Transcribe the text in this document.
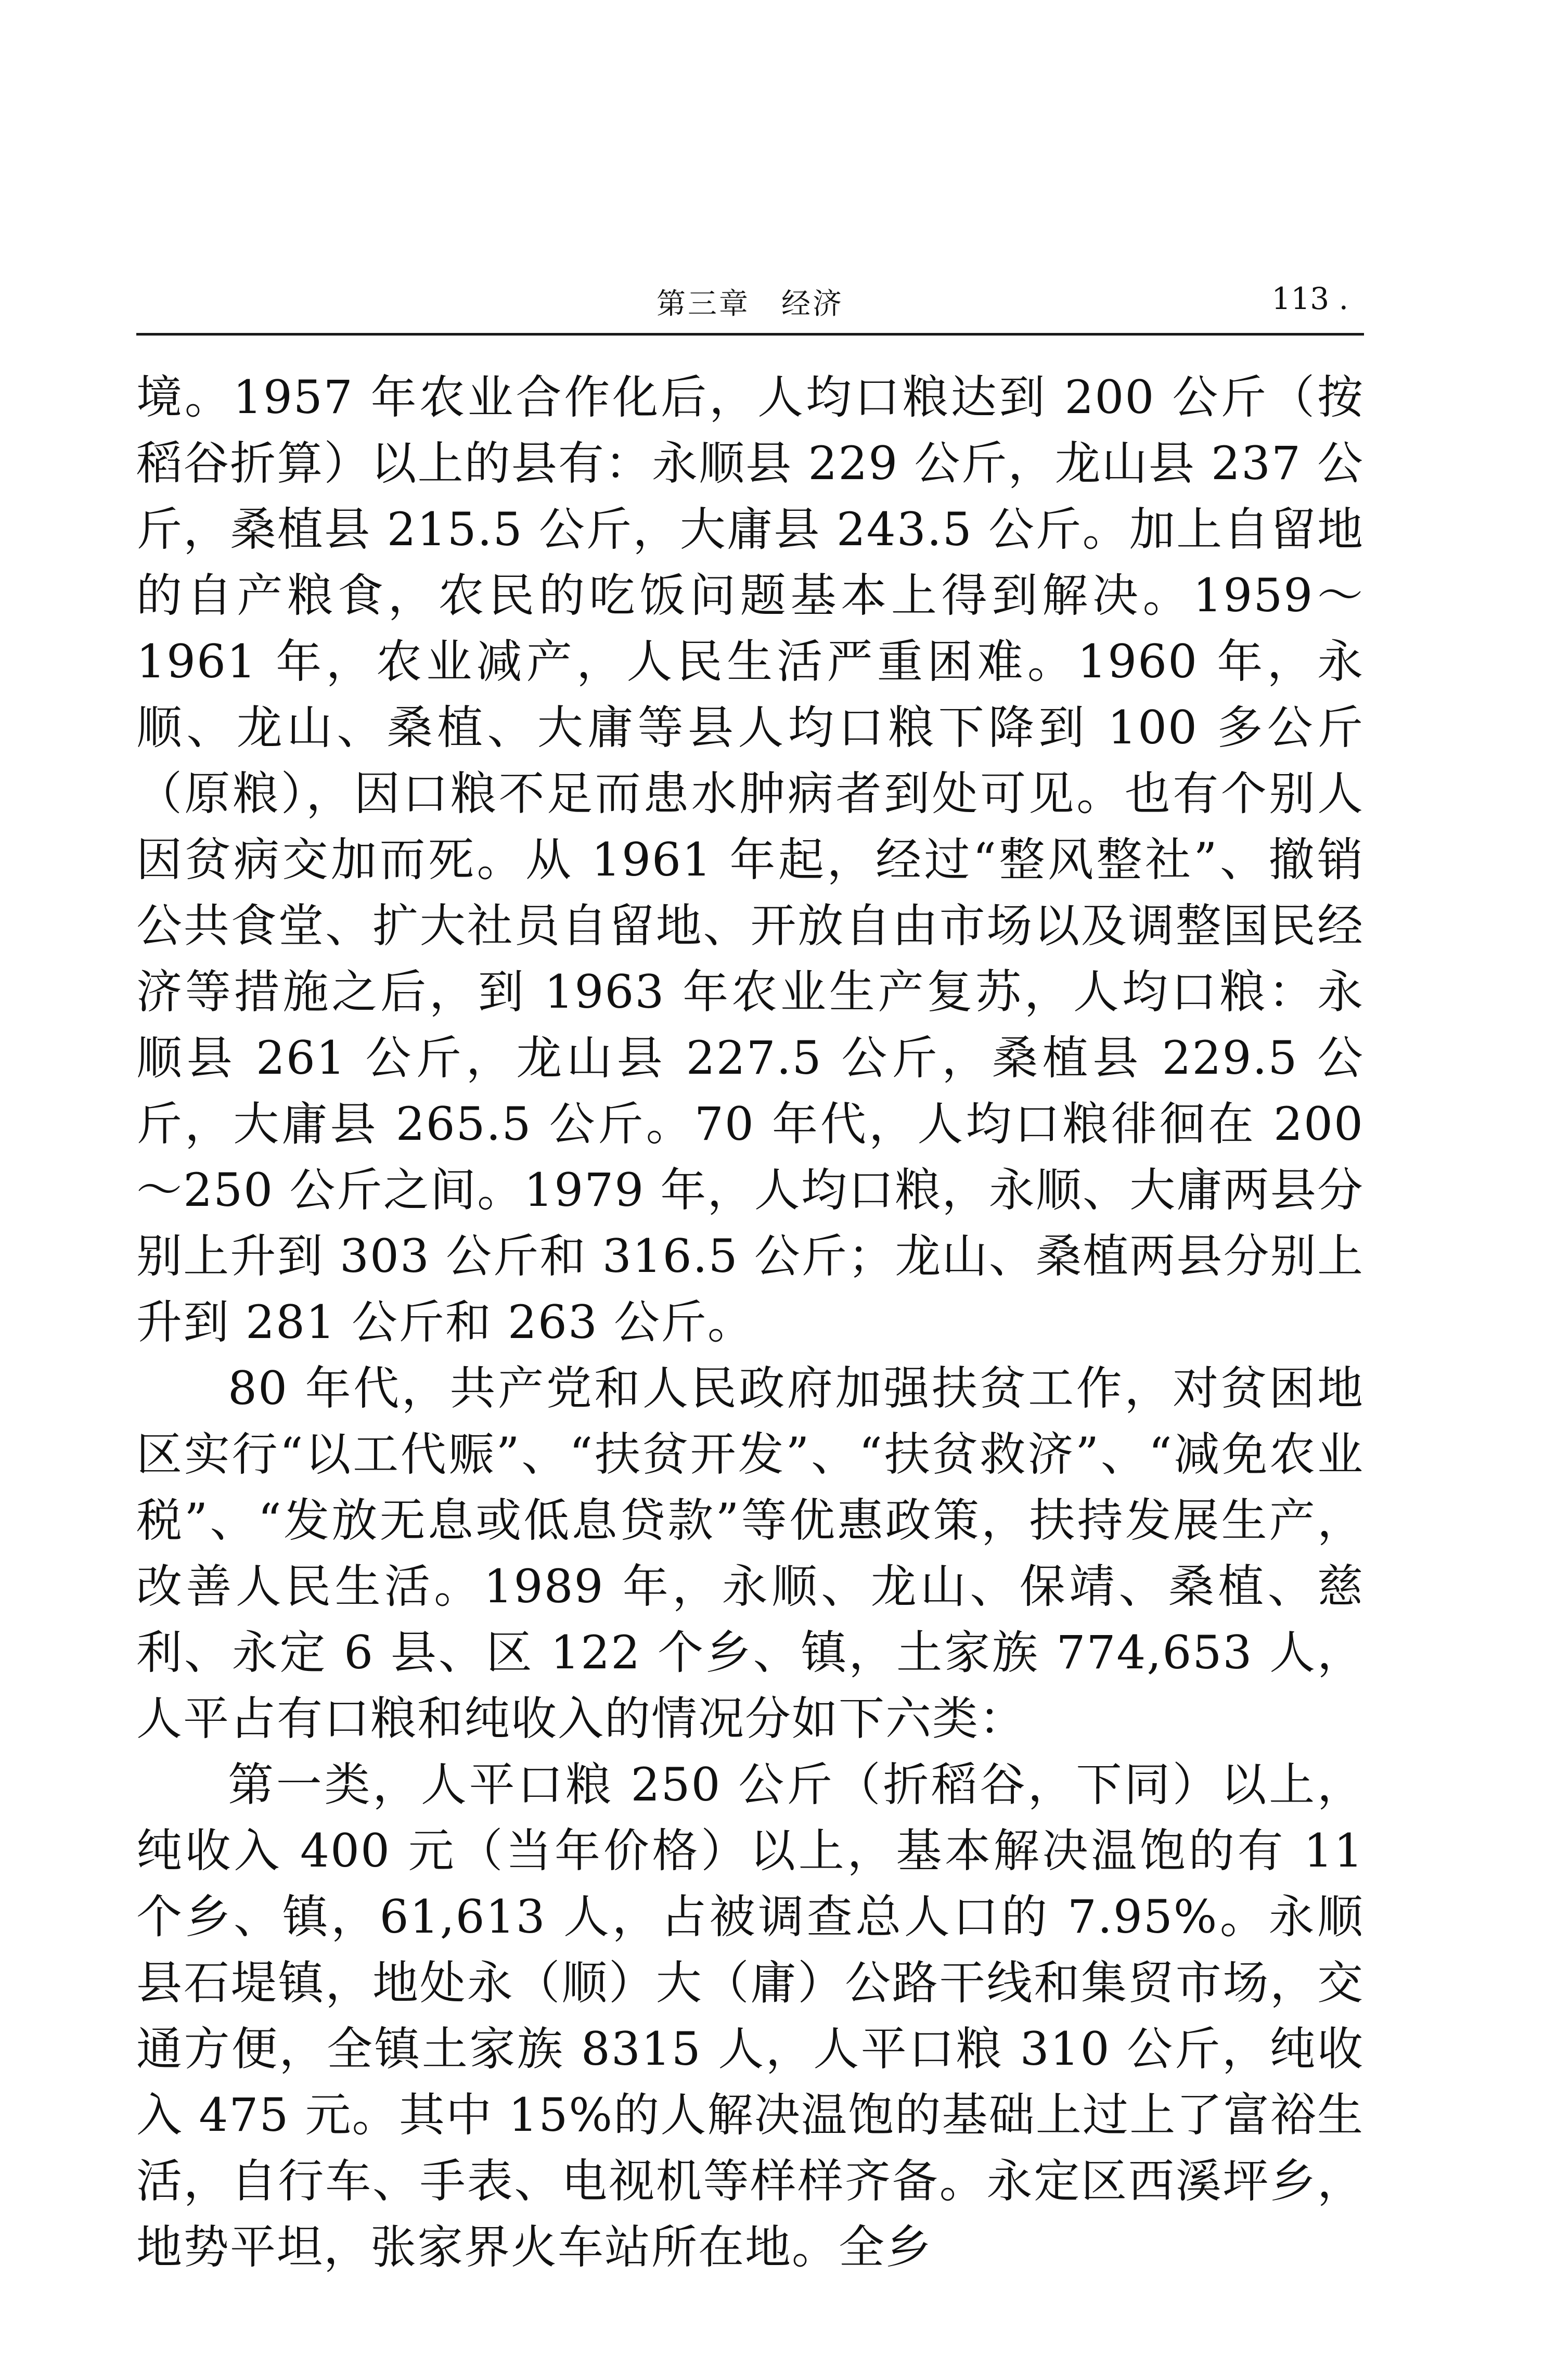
第三章　经济	113 .

境。1957 年农业合作化后，人均口粮达到 200 公斤（按稻谷折算）以上的县有：永顺县 229 公斤，龙山县 237 公斤，桑植县 215.5 公斤，大庸县 243.5 公斤。加上自留地的自产粮食，农民的吃饭问题基本上得到解决。1959～1961 年，农业减产，人民生活严重困难。1960 年，永顺、龙山、桑植、大庸等县人均口粮下降到 100 多公斤（原粮），因口粮不足而患水肿病者到处可见。也有个别人因贫病交加而死。从 1961 年起，经过“整风整社”、撤销公共食堂、扩大社员自留地、开放自由市场以及调整国民经济等措施之后，到 1963 年农业生产复苏，人均口粮：永顺县 261 公斤，龙山县 227.5 公斤，桑植县 229.5 公斤，大庸县 265.5 公斤。70 年代，人均口粮徘徊在 200～250 公斤之间。1979 年，人均口粮，永顺、大庸两县分别上升到 303 公斤和 316.5 公斤；龙山、桑植两县分别上升到 281 公斤和 263 公斤。

80 年代，共产党和人民政府加强扶贫工作，对贫困地区实行“以工代赈”、“扶贫开发”、“扶贫救济”、“减免农业税”、“发放无息或低息贷款”等优惠政策，扶持发展生产，改善人民生活。1989 年，永顺、龙山、保靖、桑植、慈利、永定 6 县、区 122 个乡、镇，土家族 774,653 人，人平占有口粮和纯收入的情况分如下六类：

第一类，人平口粮 250 公斤（折稻谷，下同）以上，纯收入 400 元（当年价格）以上，基本解决温饱的有 11 个乡、镇，61,613 人，占被调查总人口的 7.95%。永顺县石堤镇，地处永（顺）大（庸）公路干线和集贸市场，交通方便，全镇土家族 8315 人，人平口粮 310 公斤，纯收入 475 元。其中 15%的人解决温饱的基础上过上了富裕生活，自行车、手表、电视机等样样齐备。永定区西溪坪乡，地势平坦，张家界火车站所在地。全乡
